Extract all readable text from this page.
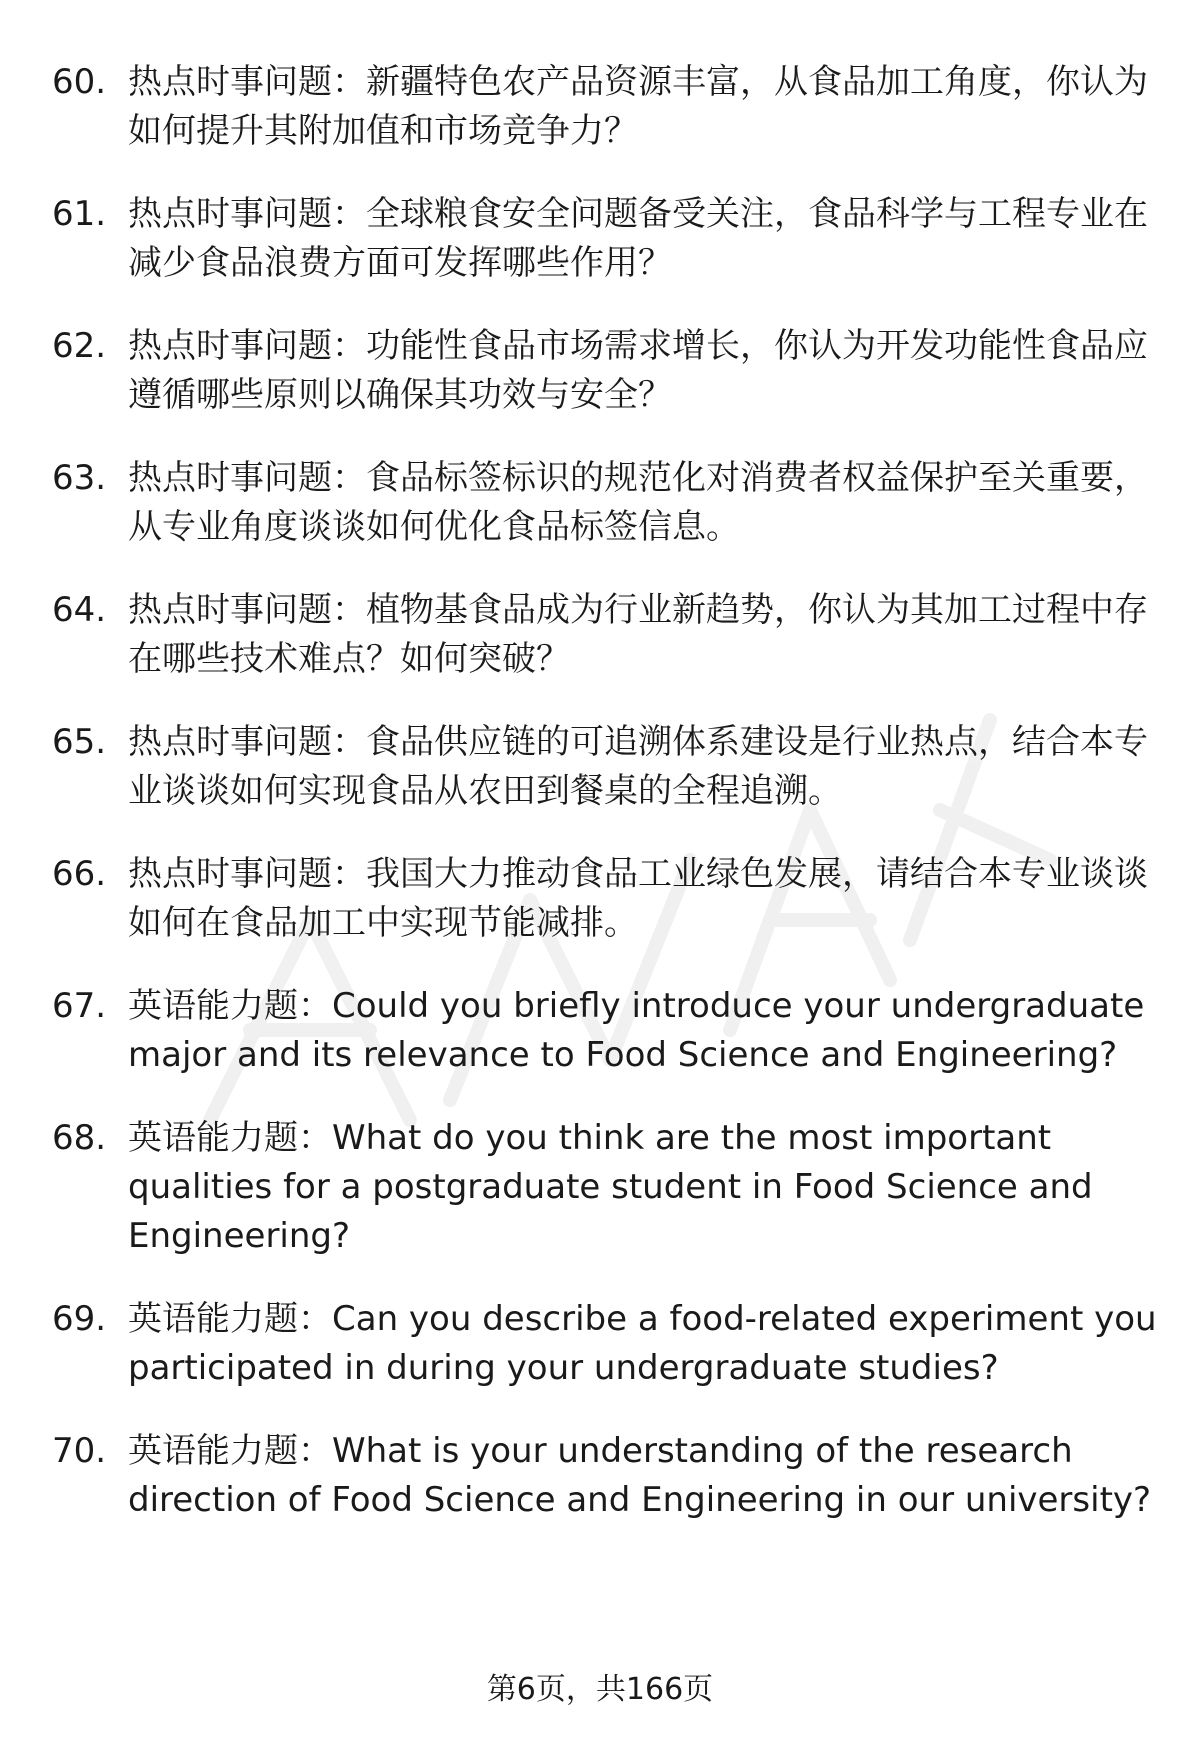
60. 热点时事问题：新疆特色农产品资源丰富，从食品加工角度，你认为如何提升其附加值和市场竞争力？
61. 热点时事问题：全球粮食安全问题备受关注，食品科学与工程专业在减少食品浪费方面可发挥哪些作用？
62. 热点时事问题：功能性食品市场需求增长，你认为开发功能性食品应遵循哪些原则以确保其功效与安全？
63. 热点时事问题：食品标签标识的规范化对消费者权益保护至关重要，从专业角度谈谈如何优化食品标签信息。
64. 热点时事问题：植物基食品成为行业新趋势，你认为其加工过程中存在哪些技术难点？如何突破？
65. 热点时事问题：食品供应链的可追溯体系建设是行业热点，结合本专业谈谈如何实现食品从农田到餐桌的全程追溯。
66. 热点时事问题：我国大力推动食品工业绿色发展，请结合本专业谈谈如何在食品加工中实现节能减排。
67. 英语能力题：Could you briefly introduce your undergraduate major and its relevance to Food Science and Engineering?
68. 英语能力题：What do you think are the most important qualities for a postgraduate student in Food Science and Engineering?
69. 英语能力题：Can you describe a food-related experiment you participated in during your undergraduate studies?
70. 英语能力题：What is your understanding of the research direction of Food Science and Engineering in our university?
第6页，共166页
